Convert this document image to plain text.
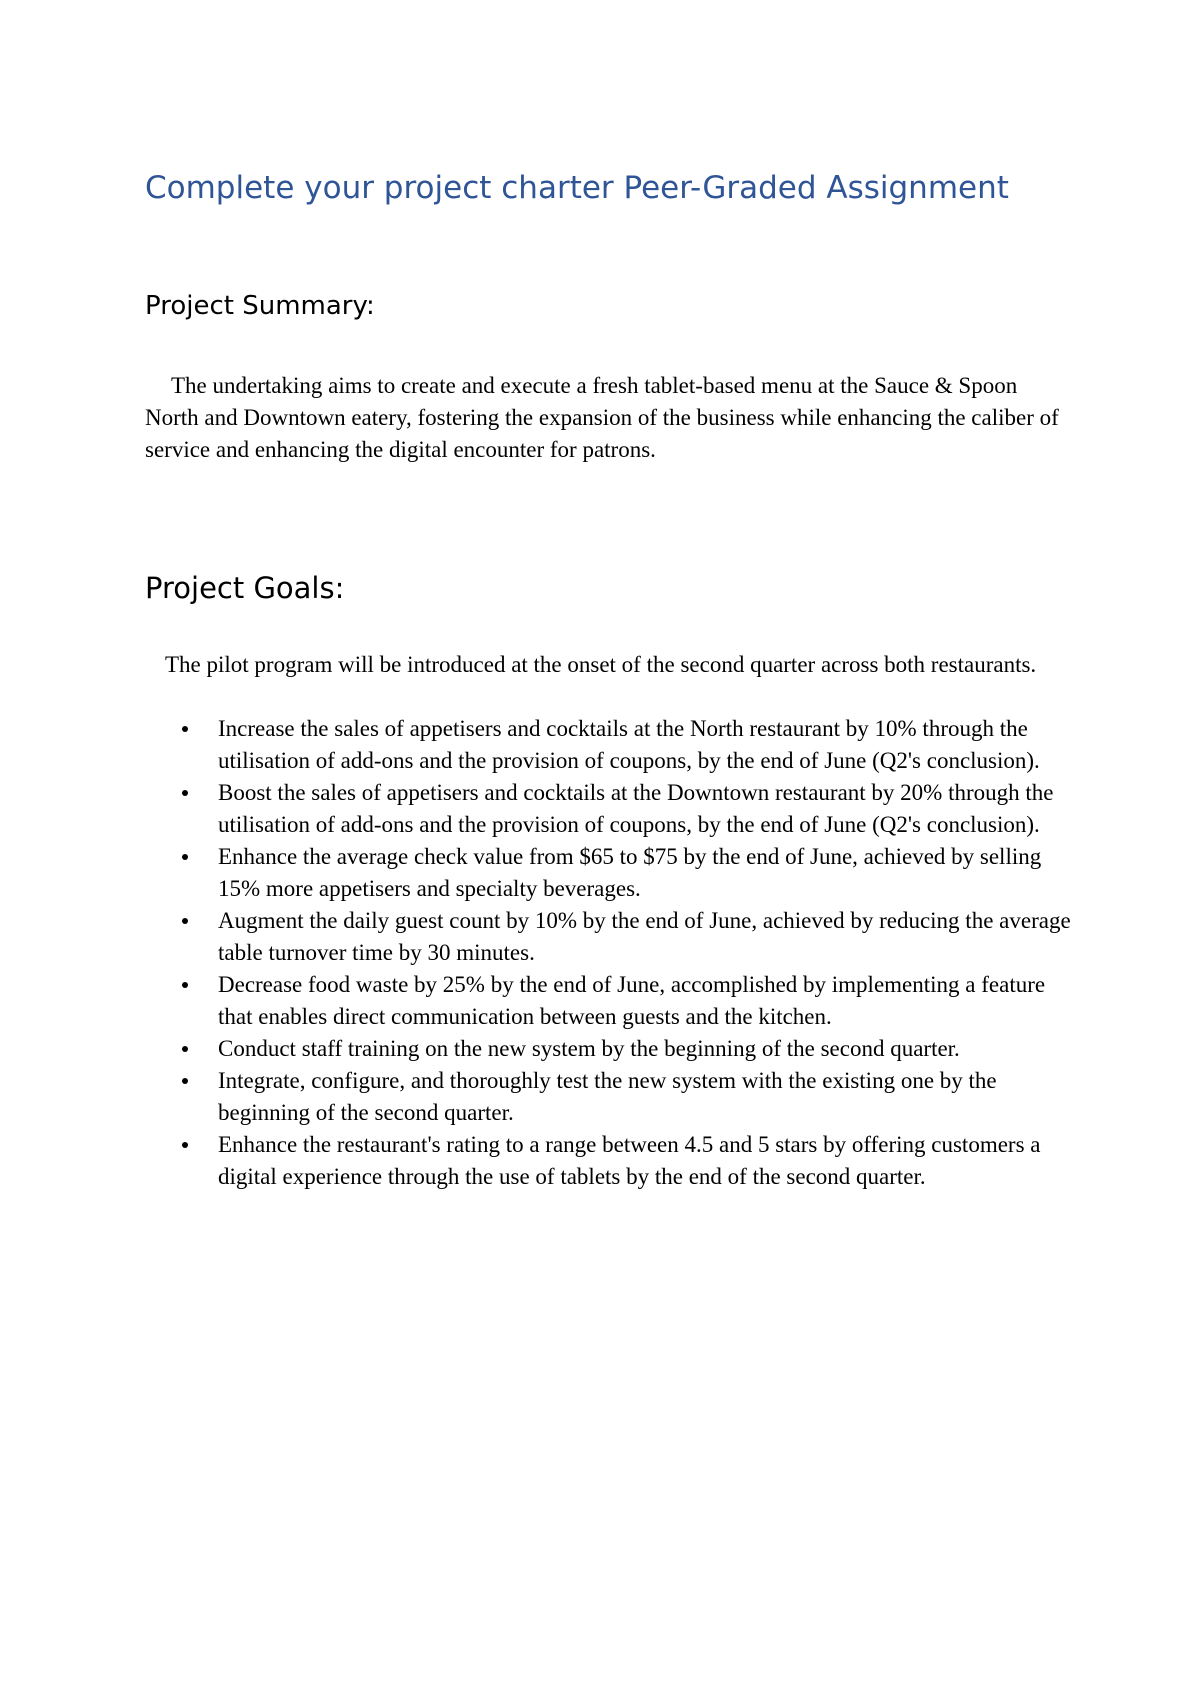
Complete your project charter Peer-Graded Assignment
Project Summary:

The undertaking aims to create and execute a fresh tablet-based menu at the Sauce & Spoon North and Downtown eatery, fostering the expansion of the business while enhancing the caliber of service and enhancing the digital encounter for patrons.

Project Goals:

The pilot program will be introduced at the onset of the second quarter across both restaurants.

Increase the sales of appetisers and cocktails at the North restaurant by 10% through the utilisation of add-ons and the provision of coupons, by the end of June (Q2's conclusion).
Boost the sales of appetisers and cocktails at the Downtown restaurant by 20% through the utilisation of add-ons and the provision of coupons, by the end of June (Q2's conclusion).
Enhance the average check value from $65 to $75 by the end of June, achieved by selling 15% more appetisers and specialty beverages.
Augment the daily guest count by 10% by the end of June, achieved by reducing the average table turnover time by 30 minutes.
Decrease food waste by 25% by the end of June, accomplished by implementing a feature that enables direct communication between guests and the kitchen.
Conduct staff training on the new system by the beginning of the second quarter.
Integrate, configure, and thoroughly test the new system with the existing one by the beginning of the second quarter.
Enhance the restaurant's rating to a range between 4.5 and 5 stars by offering customers a digital experience through the use of tablets by the end of the second quarter.
